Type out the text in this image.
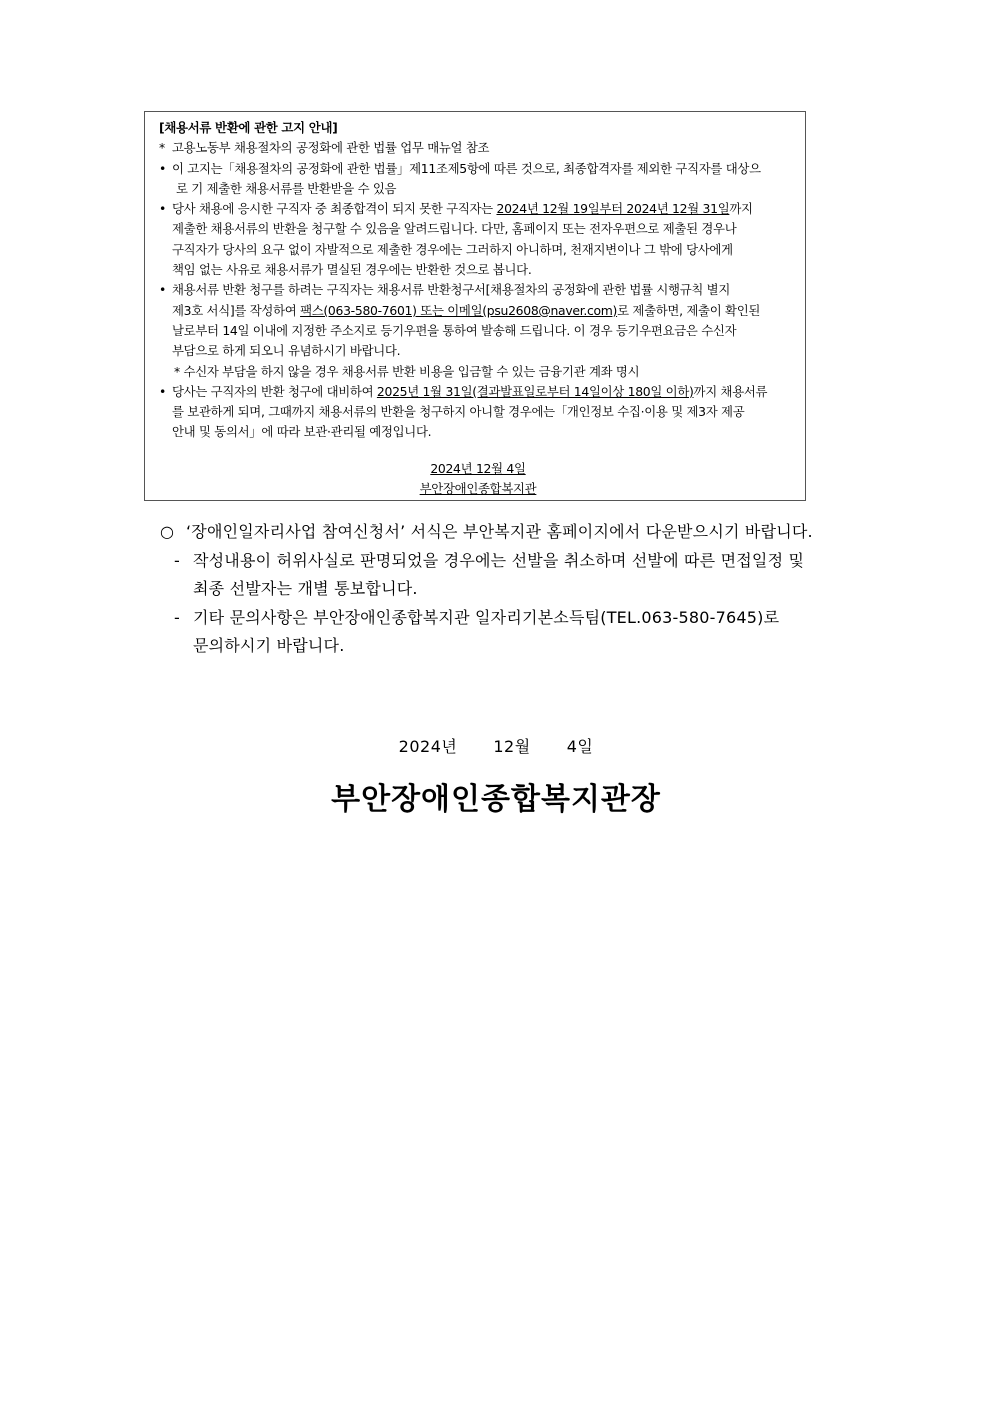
[채용서류 반환에 관한 고지 안내]
* 고용노동부 채용절차의 공정화에 관한 법률 업무 매뉴얼 참조
• 이 고지는「채용절차의 공정화에 관한 법률」제11조제5항에 따른 것으로, 최종합격자를 제외한 구직자를 대상으
로 기 제출한 채용서류를 반환받을 수 있음
• 당사 채용에 응시한 구직자 중 최종합격이 되지 못한 구직자는 2024년 12월 19일부터 2024년 12월 31일까지
제출한 채용서류의 반환을 청구할 수 있음을 알려드립니다. 다만, 홈페이지 또는 전자우편으로 제출된 경우나
구직자가 당사의 요구 없이 자발적으로 제출한 경우에는 그러하지 아니하며, 천재지변이나 그 밖에 당사에게
책임 없는 사유로 채용서류가 멸실된 경우에는 반환한 것으로 봅니다.
• 채용서류 반환 청구를 하려는 구직자는 채용서류 반환청구서[채용절차의 공정화에 관한 법률 시행규칙 별지
제3호 서식]를 작성하여 팩스(063-580-7601) 또는 이메일(psu2608@naver.com)로 제출하면, 제출이 확인된
날로부터 14일 이내에 지정한 주소지로 등기우편을 통하여 발송해 드립니다. 이 경우 등기우편요금은 수신자
부담으로 하게 되오니 유념하시기 바랍니다.
* 수신자 부담을 하지 않을 경우 채용서류 반환 비용을 입금할 수 있는 금융기관 계좌 명시
• 당사는 구직자의 반환 청구에 대비하여 2025년 1월 31일(결과발표일로부터 14일이상 180일 이하)까지 채용서류
를 보관하게 되며, 그때까지 채용서류의 반환을 청구하지 아니할 경우에는「개인정보 수집·이용 및 제3자 제공
안내 및 동의서」에 따라 보관·관리될 예정입니다.
2024년 12월 4일
부안장애인종합복지관
○ ‘장애인일자리사업 참여신청서’ 서식은 부안복지관 홈페이지에서 다운받으시기 바랍니다.
- 작성내용이 허위사실로 판명되었을 경우에는 선발을 취소하며 선발에 따른 면접일정 및
최종 선발자는 개별 통보합니다.
- 기타 문의사항은 부안장애인종합복지관 일자리기본소득팀(TEL.063-580-7645)로
문의하시기 바랍니다.
2024년 12월 4일
부안장애인종합복지관장
